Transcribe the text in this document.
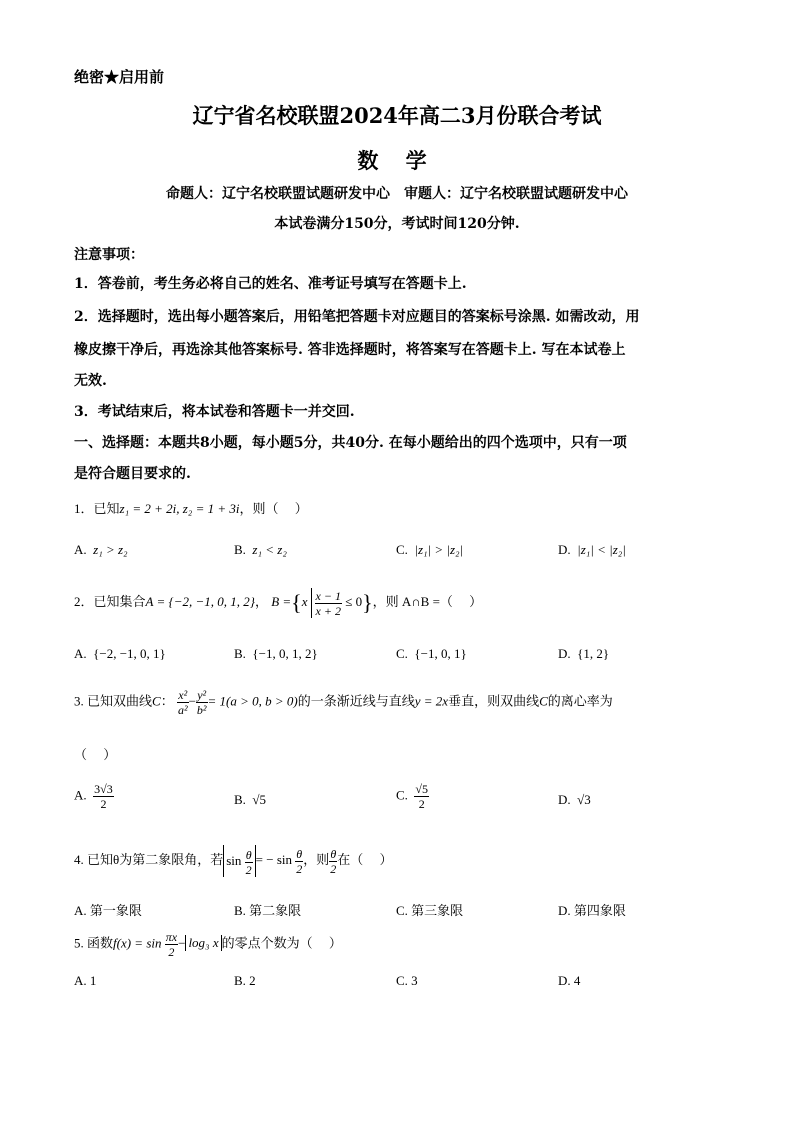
绝密★启用前
辽宁省名校联盟2024年高二3月份联合考试
数 学
命题人：辽宁名校联盟试题研发中心　审题人：辽宁名校联盟试题研发中心
本试卷满分150分，考试时间120分钟.
注意事项：
1．答卷前，考生务必将自己的姓名、准考证号填写在答题卡上.
2．选择题时，选出每小题答案后，用铅笔把答题卡对应题目的答案标号涂黑. 如需改动，用
橡皮擦干净后，再选涂其他答案标号. 答非选择题时，将答案写在答题卡上. 写在本试卷上
无效.
3．考试结束后，将本试卷和答题卡一并交回.
一、选择题：本题共8小题，每小题5分，共40分. 在每小题给出的四个选项中，只有一项
是符合题目要求的.
1．已知z₁ = 2 + 2i, z₂ = 1 + 3i，则（　 ）
A. z₁ > z₂	B. z₁ < z₂	C. |z₁| > |z₂|	D. |z₁| < |z₂|
2．已知集合A = {−2, −1, 0, 1, 2}， $B =\{x \frac{x - 1}{x + 2} \le 0\}$，则 A∩B =（　 ）
A. {−2, −1, 0, 1}	B. {−1, 0, 1, 2}	C. {−1, 0, 1}	D. {1, 2}
3. 已知双曲线C： $\frac{\text{x²}}{\text{a²}} - \frac{\text{y²}}{\text{b²}} = 1(a > 0$, b > 0)的一条渐近线与直线y = 2x垂直，则双曲线C的离心率为
（　 ）
A. $\frac{3√3}{2}$	B. √5	C. $\frac{√5}{2}$	D. √3
4. 已知θ为第二象限角，若 $\sin \frac{\theta}{2}$ = − $\sin \frac{\theta}{2}$ ，则 $\frac{\theta}{2}$ 在（　 ）
A. 第一象限	B. 第二象限	C. 第三象限	D. 第四象限
5. 函数$f(x) = \sin \frac{\pi x}{2} - \log_3$ x 的零点个数为（　 ）
A. 1	B. 2	C. 3	D. 4
